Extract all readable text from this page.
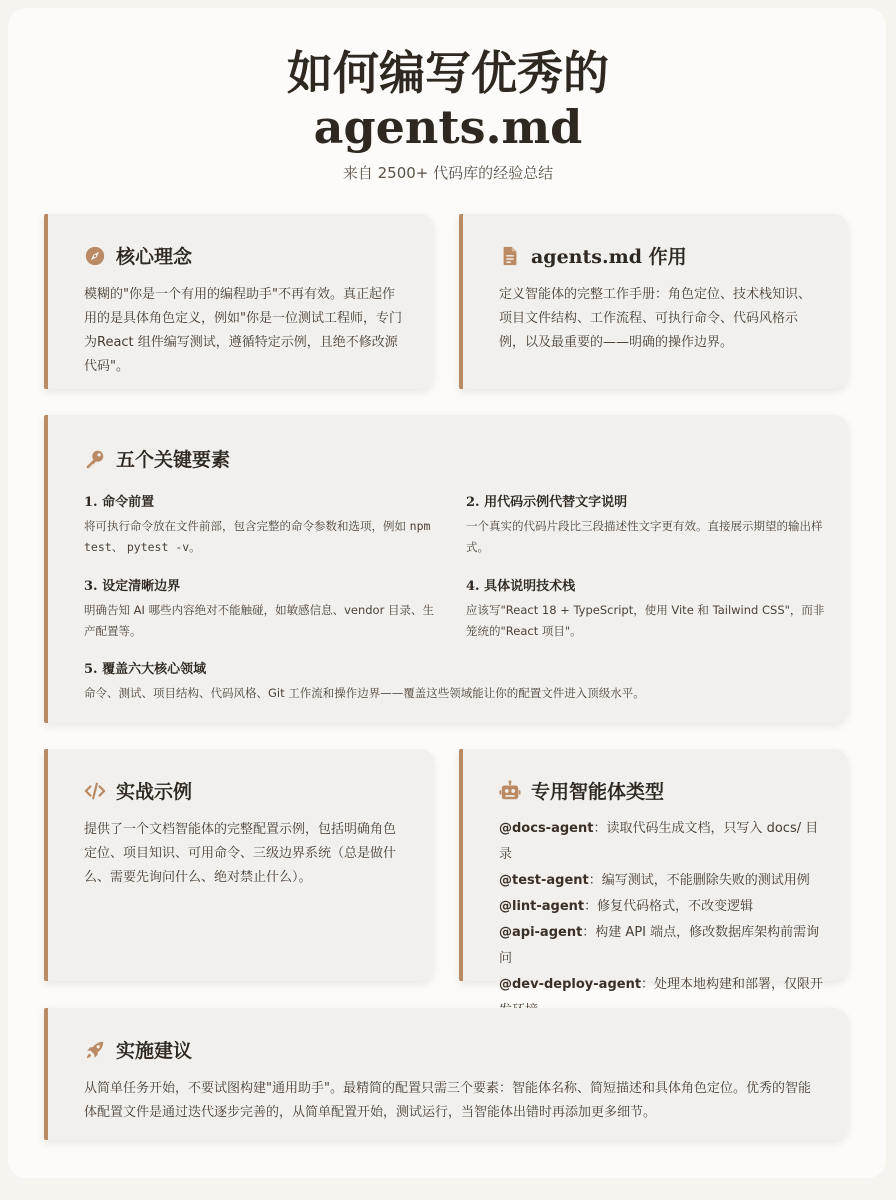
如何编写优秀的
agents.md
来自 2500+ 代码库的经验总结
核心理念
模糊的"你是一个有用的编程助手"不再有效。真正起作用的是具体角色定义，例如"你是一位测试工程师，专门为React 组件编写测试，遵循特定示例，且绝不修改源代码"。
agents.md 作用
定义智能体的完整工作手册：角色定位、技术栈知识、项目文件结构、工作流程、可执行命令、代码风格示例，以及最重要的——明确的操作边界。
五个关键要素
1. 命令前置
将可执行命令放在文件前部，包含完整的命令参数和选项，例如 npm test、 pytest -v。
2. 用代码示例代替文字说明
一个真实的代码片段比三段描述性文字更有效。直接展示期望的输出样式。
3. 设定清晰边界
明确告知 AI 哪些内容绝对不能触碰，如敏感信息、vendor 目录、生产配置等。
4. 具体说明技术栈
应该写"React 18 + TypeScript，使用 Vite 和 Tailwind CSS"，而非笼统的"React 项目"。
5. 覆盖六大核心领域
命令、测试、项目结构、代码风格、Git 工作流和操作边界——覆盖这些领域能让你的配置文件进入顶级水平。
实战示例
提供了一个文档智能体的完整配置示例，包括明确角色定位、项目知识、可用命令、三级边界系统（总是做什么、需要先询问什么、绝对禁止什么）。
专用智能体类型
@docs-agent：读取代码生成文档，只写入 docs/ 目录
@test-agent：编写测试，不能删除失败的测试用例
@lint-agent：修复代码格式，不改变逻辑
@api-agent：构建 API 端点，修改数据库架构前需询问
@dev-deploy-agent：处理本地构建和部署，仅限开
实施建议
从简单任务开始，不要试图构建"通用助手"。最精简的配置只需三个要素：智能体名称、简短描述和具体角色定位。优秀的智能体配置文件是通过迭代逐步完善的，从简单配置开始，测试运行，当智能体出错时再添加更多细节。
